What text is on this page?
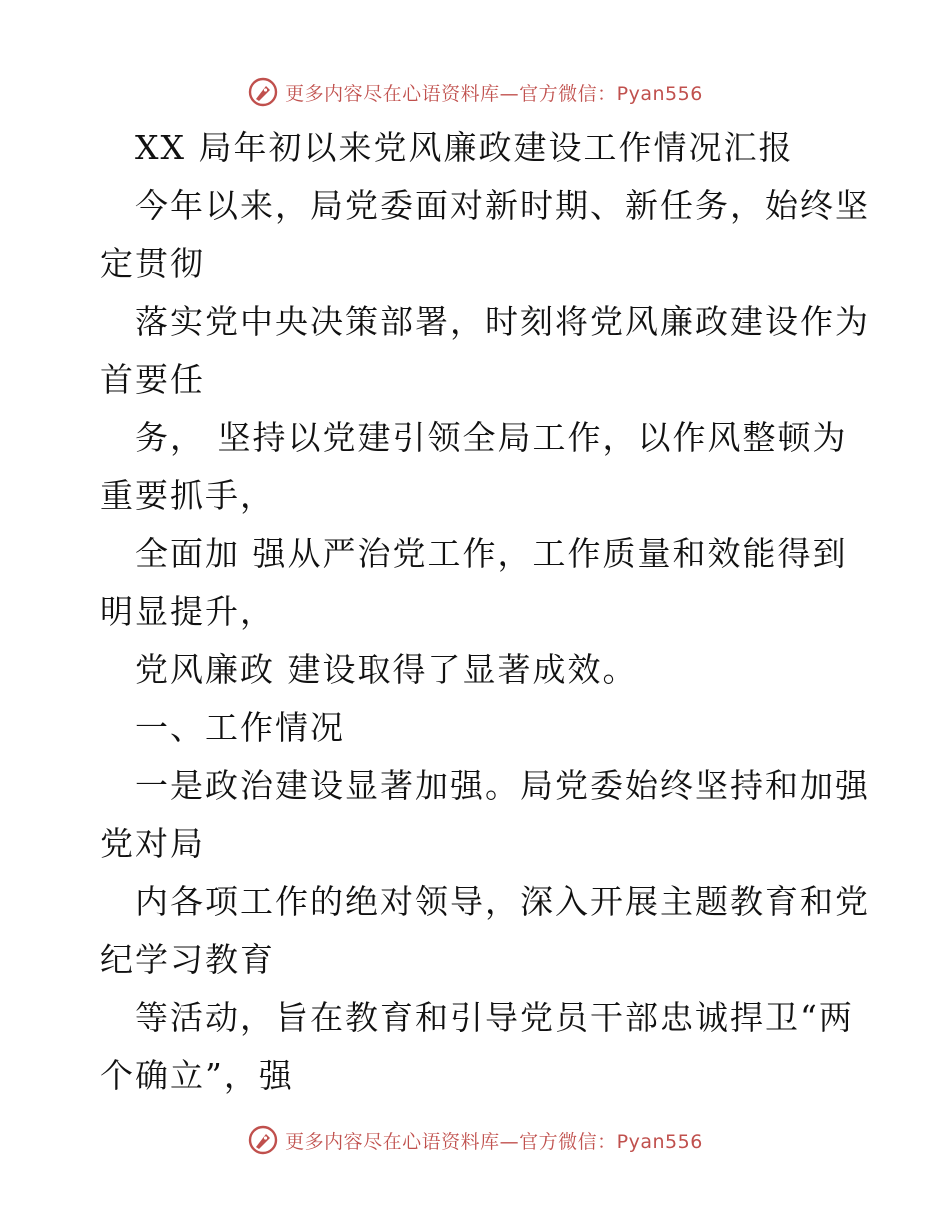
更多内容尽在心语资料库—官方微信：Pyan556
XX 局年初以来党风廉政建设工作情况汇报
今年以来，局党委面对新时期、新任务，始终坚
定贯彻
落实党中央决策部署，时刻将党风廉政建设作为
首要任
务， 坚持以党建引领全局工作，以作风整顿为
重要抓手，
全面加 强从严治党工作，工作质量和效能得到
明显提升，
党风廉政 建设取得了显著成效。
一、工作情况
一是政治建设显著加强。局党委始终坚持和加强
党对局
内各项工作的绝对领导，深入开展主题教育和党
纪学习教育
等活动，旨在教育和引导党员干部忠诚捍卫“两
个确立”，强
更多内容尽在心语资料库—官方微信：Pyan556
